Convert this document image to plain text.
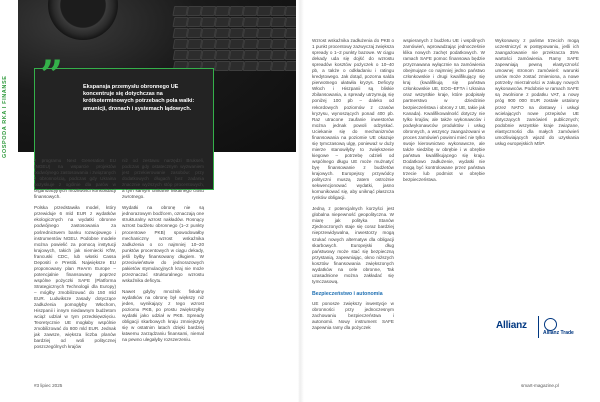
GOSPODA RKA I FINANSE
”	Ekspansja przemysłu obronnego UE koncentruje się dotychczas na krótkoterminowych potrzebach pola walki: amunicji, dronach i systemach lądowych.

z programu Next Generation EU (NGEU) na wsparcie projektów podwójnego zastosowania i związanych z obronnością, podczas gdy Ukraina pozyskuje z ogólnie dla parów w organizacyjnych możliwości konsolidacji finansowych.

Polska przedstawiła model, który przewiduje 6 mld EUR z wydatków ekologicznych na wydatki obronne podwójnego zastosowania za pośrednictwem banku rozwojowego i instrumentów NGEU. Podobne modele można powielić za pomocą instytucji krajowych, takich jak niemiecki KfW, francuski CDC, lub włoski Cassa Depositi e Prestiti. Największe EU proponowany plan ReArm Europe – potencjalnie finansowany poprzez wspólne pożyczki SAFE (Platforma Strategicznych Technologii dla Europy) – mógłby zmobilizować do 150 mld EUR. Ludwiksze zasady dotyczące zadłużenia pomogłyby Włochom, Hiszpanii i innym niedawnym budżetom wciąż udział w tym przedsięwzięciu. Teoretycznie UE mogłaby wspólnie zmobilizować do 800 mld EUR. Jednak jak zawsze, większa liczba planów bardziej od woli politycznej poszczególnych krajów

niż od zestawu narzędzi Brukseli, podczas gdy ostatecznym wyzwaniem jest przekierowanie zasobów: przy dodatkowych długach bez zadania znacznie wyższych stóp procentowych, a tym samym unikanie fiskalnego ciosu zwrotnego.

Wydatki na obronę nie są jednorazowym bodźcem, oznaczają one strukturalny wzrost nakładów. Rosnący wzrost budżetu obronnego (1–2 punkty procentowe PKB) spowodowałby mechaniczny wzrost wskaźnika zadłużenia o co najmniej 10–20 punktów procentowych w ciągu dekady, jeśli byłby finansowany długiem. W przeciwieństwie do jednorazowych pakietów stymulacyjnych kraj nie może przeznaczać strukturalnego wzrostu wskaźnika deficytu.

Nawet gdyby mnożnik fiskalny wydatków na obronę był większy niż jeden, wynikający z tego wzrost poziomu PKB, po prostu zwiększyłby wydatki jako udział w PKB. Spready obligacji skarbowych kraju zmniejszyły się w ostatnim latach dzięki bardziej łatwemu zarządzaniu finansami, niemal na pewno ulegałyby rozszerzeniu.

Wzrost wskaźnika zadłużenia do PKB o 1 punkt procentowy zazwyczaj zwiększa spready o 1–2 punkty bazowe. W ciągu dekady uda się dojść do wzrostu spreadów kosztów pożyczek o 10–40 pb, a także o odkładaniu i ratingu kredytowego. Jak dotąd, pozorna salda pierwotnego ułatwiła kryzys. Deficyty Włoch i Hiszpanii są bliskie zbilansowania, a spready utrzymują się poniżej 100 pb – daleko od rekordowych poziomów z czasów kryzysu, wynoszących ponad 400 pb. Raz utracone zaufanie inwestorów można jednak powoli odzyskać. Uciekanie się do mechanizmów finansowania na poziomie UE okazuje się tymczasową ulgę, ponieważ w duży mierze stanowiłyby to zwiększenie kiegowe – potrzebę odzieli od wspólnego długu UE może mużnatyć byę finansowanie z budżetów krajowych. Europejscy przywódcy polityczni muszą zatem ostrożnie sekwencjonować wydatki, jasno komunikować się, aby uniknąć płaszcza rynków obligacji.

Jedną z potencjalnych korzyści jest globalna niepewność geopolityczna. W miarę jak polityka Stanów Zjednoczonych staje się coraz bardziej nieprzewidywalna, inwestorzy mogą szukać nowych alternatyw dla obligacji skarbowych. Europejski dług państwowy może stać się bezpieczną przystanią, zapewniając, okno niższych kosztów finansowania zwiększonych wydatków na cele obronne, Tak uzasadnione można zakładać się tymczasową.

Bezpieczeństwo i autonomia

UE ponosze zwiększy inwestycje w obronności przy jednoczesnym zachowaniu bezpieczeństwa i autonomii. Nowy instrument SAFE zapewnia ramy dla pożyczek

wspieranych z budżetu UE i wspólnych zamówień, wprowadzając jednocześnie klika nowych zachęt podatkowych. W ramach SAFE pomoc finansowa będzie przyznawana wyłącznie na zamówienia obejmujące co najmniej jedno państwo członkowskie i drugi kwalifikujący się kraj (kwalifikują się państwa członkowskie UE, EOG–EFTA i Ukraina oraz wszystkie kraje, które podpisały partnerstwo w dziedzinie bezpieczeństwa i obrony z UE, takie jak Kanada). Kwalifikowalność dotyczy nie tylko krajów, ale także wykonawców i podwykonawców produktów i usług obronnych, a wszyscy zaangażowani w proces zamówień powinni mieć nie tylko swoje kierownictwo wykonawcze, ale także siedzibę w obrębie i w obrębie państwa kwalifikującego się kraju. Dodatkowo zadłużenie, wydatki nie mogą być kontrolowane przez państwa trzecie lub podmiot w obrębie bezpieczeństwa.

Wykonawcy z państw trzecich mogą uczestniczyć w postępowaniu, jeśli ich zaangażowanie nie przekracza 35% wartości zamówienia. Ramy SAFE zapewniają pewną elastyczność umownej stronom zamówień: warunki umów może zostać zmieniona, a nowe potrzeby mierzalności w zakupy nowych wykonawców. Podobnie w ramach SAFE są zwolnione z podatku VAT, a nowy próg 900 000 EUR zostałe ustalony przez NATO na dostawy i usługi wcielających nowe przepisów UE dotyczących zamówień publicznych; podobnie wszystkie kraje związane, elastyczności dla małych zamówień umożliwiających wjazd do uzyskania usług europejskich MŚP.

Allianz
Allianz Trade
#3 lipiec 2025	smart-magazine.pl
